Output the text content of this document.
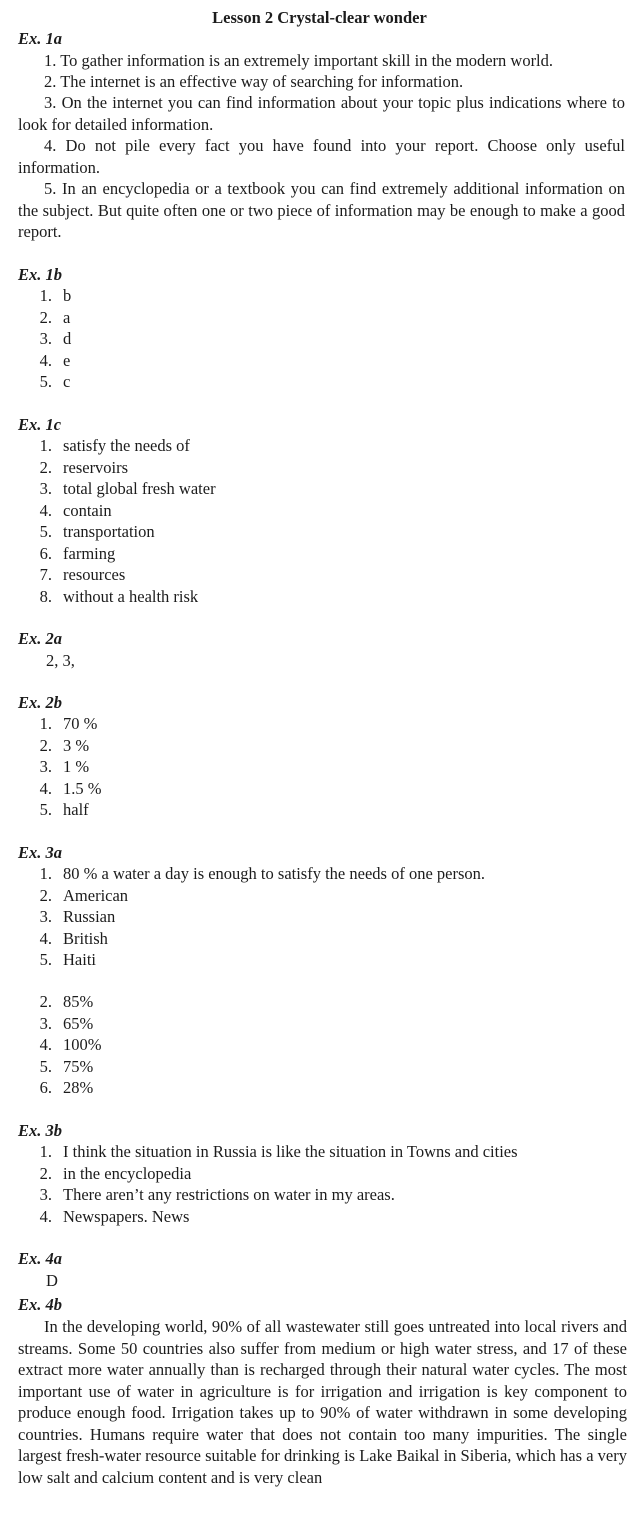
Lesson 2 Crystal-clear wonder
Ex. 1a

1. To gather information is an extremely important skill in the modern world.

2. The internet is an effective way of searching for information.

3. On the internet you can find information about your topic plus indications where to look for detailed information.

4. Do not pile every fact you have found into your report. Choose only useful information.

5. In an encyclopedia or a textbook you can find extremely additional information on the subject. But quite often one or two piece of information may be enough to make a good report.

Ex. 1b
1. b
2. a
3. d
4. e
5. c
Ex. 1c
1. satisfy the needs of
2. reservoirs
3. total global fresh water
4. contain
5. transportation
6. farming
7. resources
8. without a health risk
Ex. 2a
2, 3,
Ex. 2b
1. 70 %
2. 3 %
3. 1 %
4. 1.5 %
5. half
Ex. 3a
1. 80 % a water a day is enough to satisfy the needs of one person.
2. American
3. Russian
4. British
5. Haiti
2. 85%
3. 65%
4. 100%
5. 75%
6. 28%
Ex. 3b
1. I think the situation in Russia is like the situation in Towns and cities
2. in the encyclopedia
3. There aren’t any restrictions on water in my areas.
4. Newspapers. News
Ex. 4a
D
Ex. 4b

In the developing world, 90% of all wastewater still goes untreated into local rivers and streams. Some 50 countries also suffer from medium or high water stress, and 17 of these extract more water annually than is recharged through their natural water cycles. The most important use of water in agriculture is for irrigation and irrigation is key component to produce enough food. Irrigation takes up to 90% of water withdrawn in some developing countries. Humans require water that does not contain too many impurities. The single largest fresh-water resource suitable for drinking is Lake Baikal in Siberia, which has a very low salt and calcium content and is very clean
